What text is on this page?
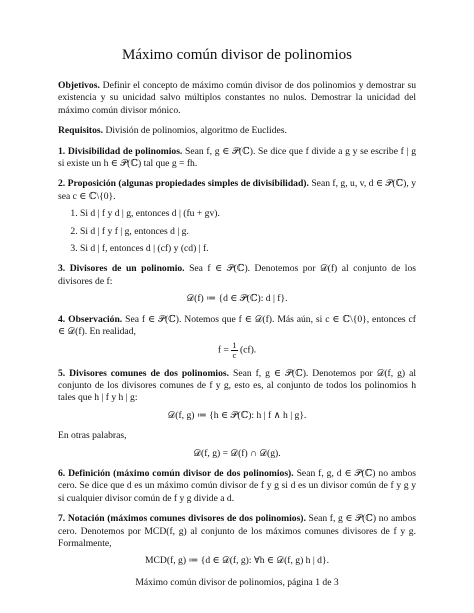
Máximo común divisor de polinomios

Objetivos. Definir el concepto de máximo común divisor de dos polinomios y demostrar su existencia y su unicidad salvo múltiplos constantes no nulos. Demostrar la unicidad del máximo común divisor mónico.

Requisitos. División de polinomios, algoritmo de Euclides.

1. Divisibilidad de polinomios. Sean f, g ∈ 𝒫(ℂ). Se dice que f divide a g y se escribe f | g si existe un h ∈ 𝒫(ℂ) tal que g = fh.

2. Proposición (algunas propiedades simples de divisibilidad). Sean f, g, u, v, d ∈ 𝒫(ℂ), y sea c ∈ ℂ\{0}.

1. Si d | f y d | g, entonces d | (fu + gv).
2. Si d | f y f | g, entonces d | g.
3. Si d | f, entonces d | (cf) y (cd) | f.

3. Divisores de un polinomio. Sea f ∈ 𝒫(ℂ). Denotemos por 𝒟(f) al conjunto de los divisores de f:

𝒟(f) ≔ {d ∈ 𝒫(ℂ): d | f}.

4. Observación. Sea f ∈ 𝒫(ℂ). Notemos que f ∈ 𝒟(f). Más aún, si c ∈ ℂ\{0}, entonces cf ∈ 𝒟(f). En realidad,

$f = \frac{1}{c} (cf)$.

5. Divisores comunes de dos polinomios. Sean f, g ∈ 𝒫(ℂ). Denotemos por 𝒟(f, g) al conjunto de los divisores comunes de f y g, esto es, al conjunto de todos los polinomios h tales que h | f y h | g:

𝒟(f, g) ≔ {h ∈ 𝒫(ℂ): h | f ∧ h | g}.

En otras palabras,

𝒟(f, g) = 𝒟(f) ∩ 𝒟(g).

6. Definición (máximo común divisor de dos polinomios). Sean f, g, d ∈ 𝒫(ℂ) no ambos cero. Se dice que d es un máximo común divisor de f y g si d es un divisor común de f y g y si cualquier divisor común de f y g divide a d.

7. Notación (máximos comunes divisores de dos polinomios). Sean f, g ∈ 𝒫(ℂ) no ambos cero. Denotemos por MCD(f, g) al conjunto de los máximos comunes divisores de f y g. Formalmente,

MCD(f, g) ≔ {d ∈ 𝒟(f, g): ∀h ∈ 𝒟(f, g) h | d}.
Máximo común divisor de polinomios, página 1 de 3
